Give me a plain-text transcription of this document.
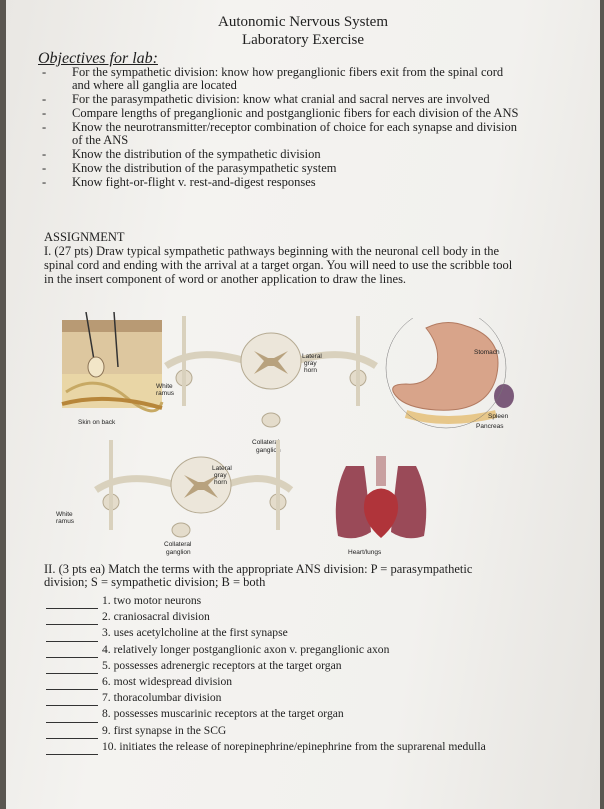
Autonomic Nervous System
Laboratory Exercise
Objectives for lab:
- For the sympathetic division: know how preganglionic fibers exit from the spinal cord and where all ganglia are located
- For the parasympathetic division: know what cranial and sacral nerves are involved
- Compare lengths of preganglionic and postganglionic fibers for each division of the ANS
- Know the neurotransmitter/receptor combination of choice for each synapse and division of the ANS
- Know the distribution of the sympathetic division
- Know the distribution of the parasympathetic system
- Know fight-or-flight v. rest-and-digest responses
ASSIGNMENT
I. (27 pts) Draw typical sympathetic pathways beginning with the neuronal cell body in the spinal cord and ending with the arrival at a target organ. You will need to use the scribble tool in the insert component of word or another application to draw the lines.
Skin on back
Lateral
gray
horn
White
ramus
Collateral
ganglion
Stomach
Spleen
Pancreas
Lateral
gray
horn
White
ramus
Collateral
ganglion	Heart/lungs
II. (3 pts ea) Match the terms with the appropriate ANS division: P = parasympathetic division; S = sympathetic division; B = both
1. two motor neurons
2. craniosacral division
3. uses acetylcholine at the first synapse
4. relatively longer postganglionic axon v. preganglionic axon
5. possesses adrenergic receptors at the target organ
6. most widespread division
7. thoracolumbar division
8. possesses muscarinic receptors at the target organ
9. first synapse in the SCG
10. initiates the release of norepinephrine/epinephrine from the suprarenal medulla
